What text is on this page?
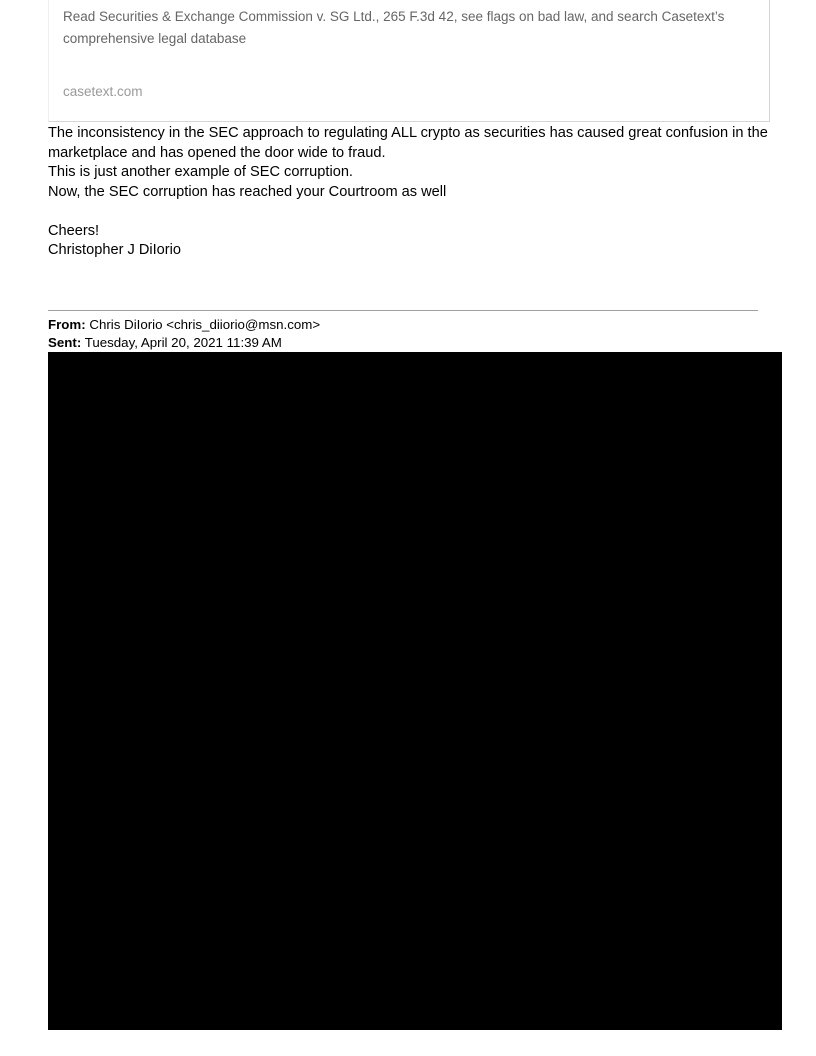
Read Securities & Exchange Commission v. SG Ltd., 265 F.3d 42, see flags on bad law, and search Casetext’s comprehensive legal database
casetext.com

The inconsistency in the SEC approach to regulating ALL crypto as securities has caused great confusion in the marketplace and has opened the door wide to fraud.

This is just another example of SEC corruption.

Now, the SEC corruption has reached your Courtroom as well

Cheers!

Christopher J DiIorio

From: Chris DiIorio <chris_diiorio@msn.com>
Sent: Tuesday, April 20, 2021 11:39 AM
